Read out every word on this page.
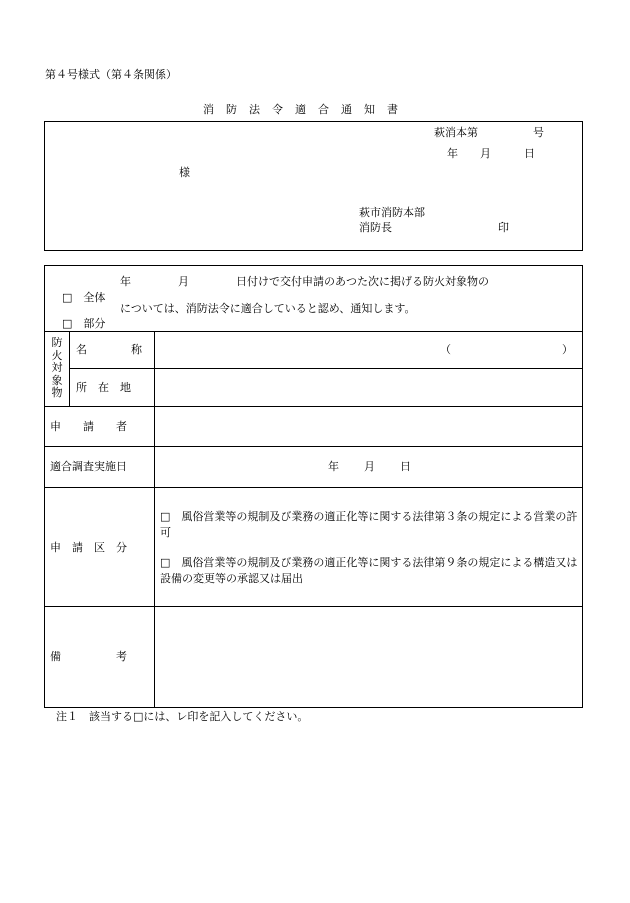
第４号様式（第４条関係）
消　防　法　令　適　合　通　知　書
萩消本第　　　　　号
年　　月　　　日
様
萩市消防本部
消防長	印
年	月	日付けで交付申請のあつた次に掲げる防火対象物の
□　全体
については、消防法令に適合していると認め、通知します。
□　部分
防火対象物
名　　　　称	（	）
所　在　地
申　　請　　者
適合調査実施日	年 月 日
申　請　区　分
□　風俗営業等の規制及び業務の適正化等に関する法律第３条の規定による営業の許可
□　風俗営業等の規制及び業務の適正化等に関する法律第９条の規定による構造又は設備の変更等の承認又は届出
備　　　　　考
注１　該当する□には、レ印を記入してください。
